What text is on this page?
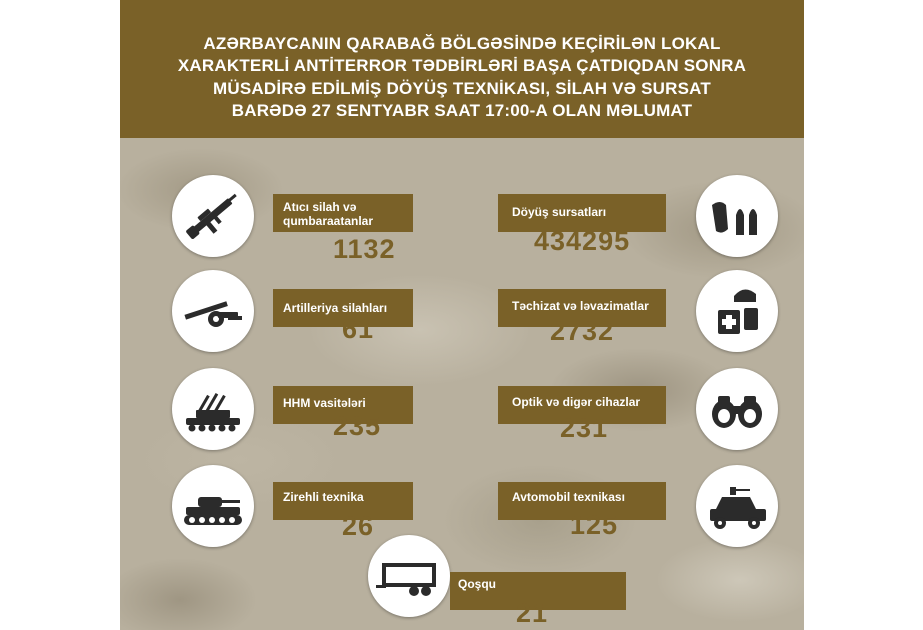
AZƏRBAYCANIN QARABAĞ BÖLGƏSİNDƏ KEÇİRİLƏN LOKAL
XARAKTERLİ ANTİTERROR TƏDBİRLƏRİ BAŞA ÇATDIQDAN SONRA
MÜSADİRƏ EDİLMİŞ DÖYÜŞ TEXNİKASI, SİLAH VƏ SURSAT
BARƏDƏ 27 SENTYABR SAAT 17:00-A OLAN MƏLUMAT
Atıcı silah və qumbaraatanlar
1132
Döyüş sursatları
434295
Artilleriya silahları
61
Təchizat və ləvazimatlar
2732
HHM vasitələri
235
Optik və digər cihazlar
231
Zirehli texnika
26
Avtomobil texnikası
125
Qoşqu
21
